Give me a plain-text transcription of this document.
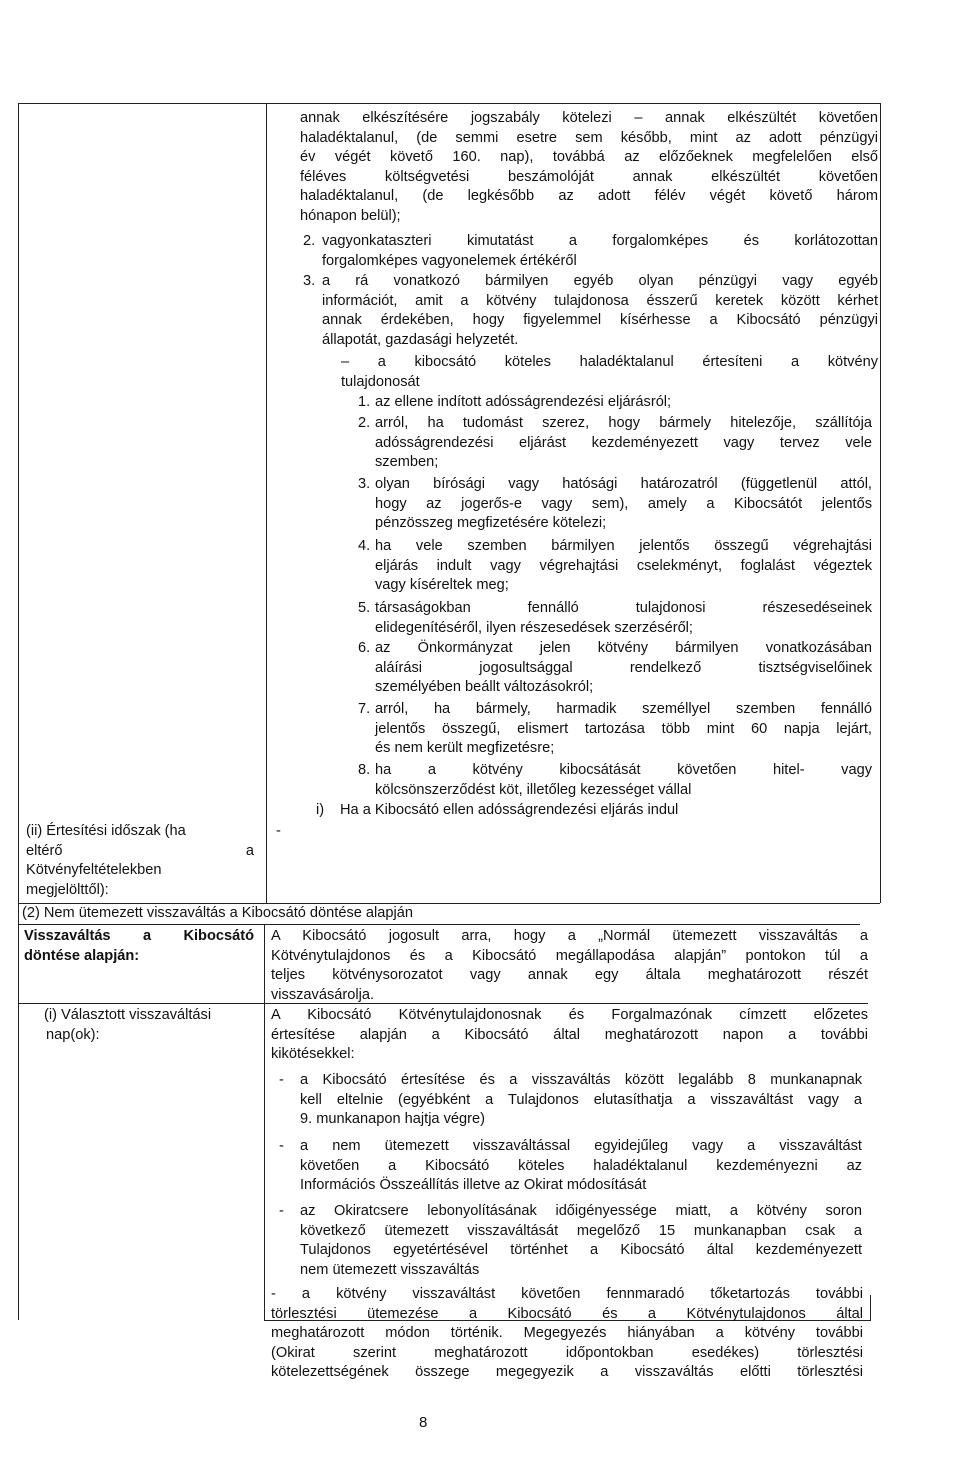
annak elkészítésére jogszabály kötelezi – annak elkészültét követően
haladéktalanul, (de semmi esetre sem később, mint az adott pénzügyi
év végét követő 160. nap), továbbá az előzőeknek megfelelően első
féléves költségvetési beszámolóját annak elkészültét követően
haladéktalanul, (de legkésőbb az adott félév végét követő három
hónapon belül);
2. vagyonkataszteri kimutatást a forgalomképes és korlátozottan
forgalomképes vagyonelemek értékéről
3. a rá vonatkozó bármilyen egyéb olyan pénzügyi vagy egyéb
információt, amit a kötvény tulajdonosa ésszerű keretek között kérhet
annak érdekében, hogy figyelemmel kísérhesse a Kibocsátó pénzügyi
állapotát, gazdasági helyzetét.
– a kibocsátó köteles haladéktalanul értesíteni a kötvény
tulajdonosát
1. az ellene indított adósságrendezési eljárásról;
2. arról, ha tudomást szerez, hogy bármely hitelezője, szállítója
adósságrendezési eljárást kezdeményezett vagy tervez vele
szemben;
3. olyan bírósági vagy hatósági határozatról (függetlenül attól,
hogy az jogerős-e vagy sem), amely a Kibocsátót jelentős
pénzösszeg megfizetésére kötelezi;
4. ha vele szemben bármilyen jelentős összegű végrehajtási
eljárás indult vagy végrehajtási cselekményt, foglalást végeztek
vagy kíséreltek meg;
5. társaságokban fennálló tulajdonosi részesedéseinek
elidegenítéséről, ilyen részesedések szerzéséről;
6. az Önkormányzat jelen kötvény bármilyen vonatkozásában
aláírási jogosultsággal rendelkező tisztségviselőinek
személyében beállt változásokról;
7. arról, ha bármely, harmadik személlyel szemben fennálló
jelentős összegű, elismert tartozása több mint 60 napja lejárt,
és nem került megfizetésre;
8. ha a kötvény kibocsátását követően hitel- vagy
kölcsönszerződést köt, illetőleg kezességet vállal
i) Ha a Kibocsátó ellen adósságrendezési eljárás indul
(ii) Értesítési időszak (ha
eltérő a
Kötvényfeltételekben
megjelölttől):
-
(2) Nem ütemezett visszaváltás a Kibocsátó döntése alapján
Visszaváltás a Kibocsátó
döntése alapján:
A Kibocsátó jogosult arra, hogy a „Normál ütemezett visszaváltás a
Kötvénytulajdonos és a Kibocsátó megállapodása alapján” pontokon túl a
teljes kötvénysorozatot vagy annak egy általa meghatározott részét
visszavásárolja.
(i) Választott visszaváltási
nap(ok):
A Kibocsátó Kötvénytulajdonosnak és Forgalmazónak címzett előzetes
értesítése alapján a Kibocsátó által meghatározott napon a további
kikötésekkel:
- a Kibocsátó értesítése és a visszaváltás között legalább 8 munkanapnak
kell eltelnie (egyébként a Tulajdonos elutasíthatja a visszaváltást vagy a
9. munkanapon hajtja végre)
- a nem ütemezett visszaváltással egyidejűleg vagy a visszaváltást
követően a Kibocsátó köteles haladéktalanul kezdeményezni az
Információs Összeállítás illetve az Okirat módosítását
- az Okiratcsere lebonyolításának időigényessége miatt, a kötvény soron
következő ütemezett visszaváltását megelőző 15 munkanapban csak a
Tulajdonos egyetértésével történhet a Kibocsátó által kezdeményezett
nem ütemezett visszaváltás
- a kötvény visszaváltást követően fennmaradó tőketartozás további
törlesztési ütemezése a Kibocsátó és a Kötvénytulajdonos által
meghatározott módon történik. Megegyezés hiányában a kötvény további
(Okirat szerint meghatározott időpontokban esedékes) törlesztési
kötelezettségének összege megegyezik a visszaváltás előtti törlesztési
8
